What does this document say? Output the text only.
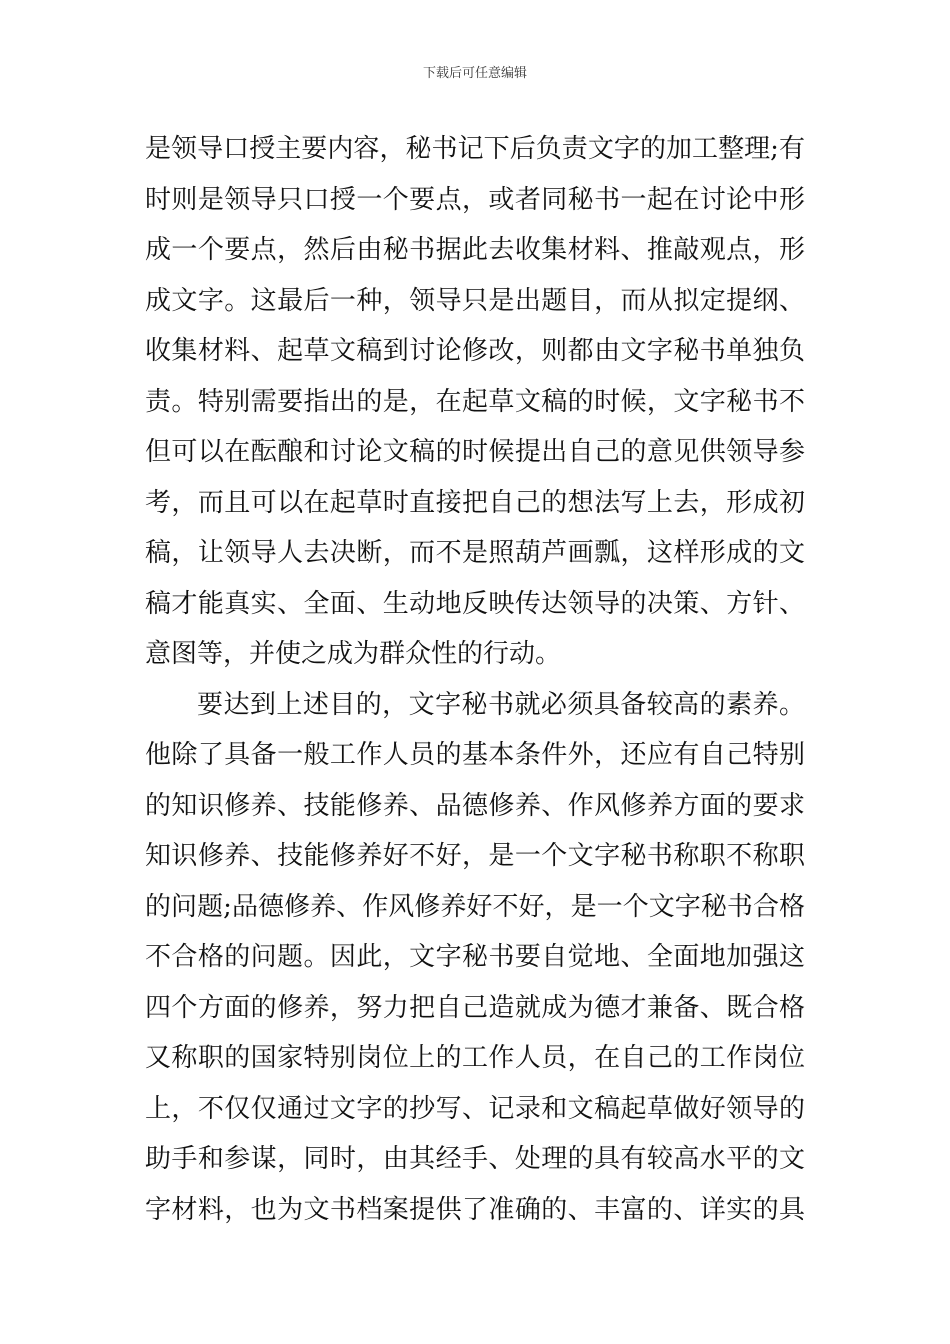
下载后可任意编辑
是领导口授主要内容，秘书记下后负责文字的加工整理;有
时则是领导只口授一个要点，或者同秘书一起在讨论中形
成一个要点，然后由秘书据此去收集材料、推敲观点，形
成文字。这最后一种，领导只是出题目，而从拟定提纲、
收集材料、起草文稿到讨论修改，则都由文字秘书单独负
责。特别需要指出的是，在起草文稿的时候，文字秘书不
但可以在酝酿和讨论文稿的时候提出自己的意见供领导参
考，而且可以在起草时直接把自己的想法写上去，形成初
稿，让领导人去决断，而不是照葫芦画瓢，这样形成的文
稿才能真实、全面、生动地反映传达领导的决策、方针、
意图等，并使之成为群众性的行动。
要达到上述目的，文字秘书就必须具备较高的素养。
他除了具备一般工作人员的基本条件外，还应有自己特别
的知识修养、技能修养、品德修养、作风修养方面的要求
知识修养、技能修养好不好，是一个文字秘书称职不称职
的问题;品德修养、作风修养好不好，是一个文字秘书合格
不合格的问题。因此，文字秘书要自觉地、全面地加强这
四个方面的修养，努力把自己造就成为德才兼备、既合格
又称职的国家特别岗位上的工作人员，在自己的工作岗位
上，不仅仅通过文字的抄写、记录和文稿起草做好领导的
助手和参谋，同时，由其经手、处理的具有较高水平的文
字材料，也为文书档案提供了准确的、丰富的、详实的具
